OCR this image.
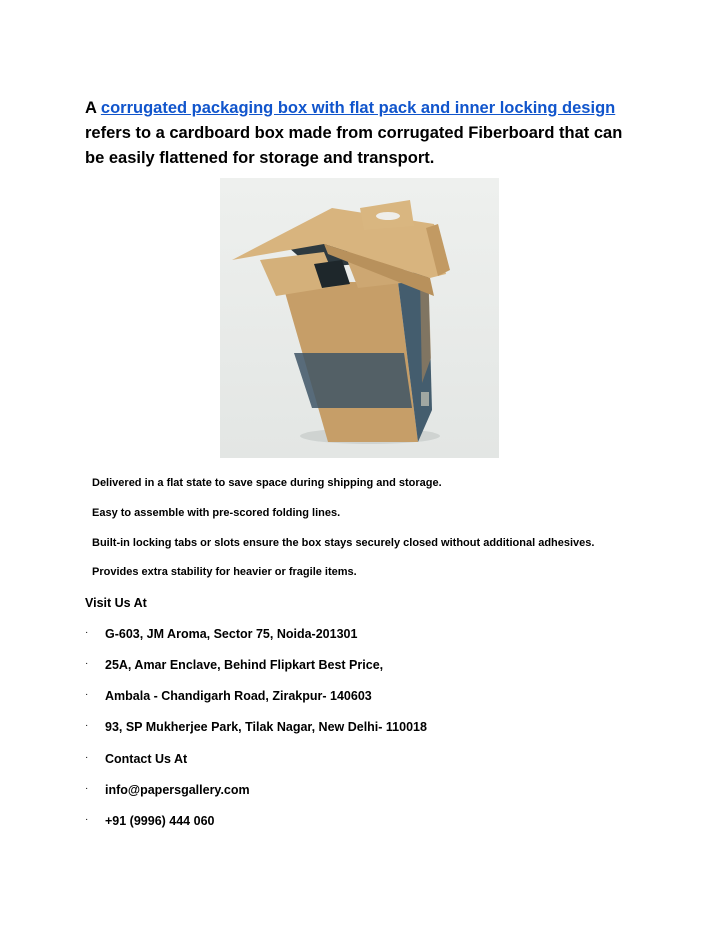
A corrugated packaging box with flat pack and inner locking design
refers to a cardboard box made from corrugated Fiberboard that can be easily flattened for storage and transport.

Delivered in a flat state to save space during shipping and storage.
Easy to assemble with pre-scored folding lines.
Built-in locking tabs or slots ensure the box stays securely closed without additional adhesives.
Provides extra stability for heavier or fragile items.
Visit Us At
· G-603, JM Aroma, Sector 75, Noida-201301
· 25A, Amar Enclave, Behind Flipkart Best Price,
· Ambala - Chandigarh Road, Zirakpur- 140603
· 93, SP Mukherjee Park, Tilak Nagar, New Delhi- 110018
· Contact Us At
· info@papersgallery.com
· +91 (9996) 444 060
